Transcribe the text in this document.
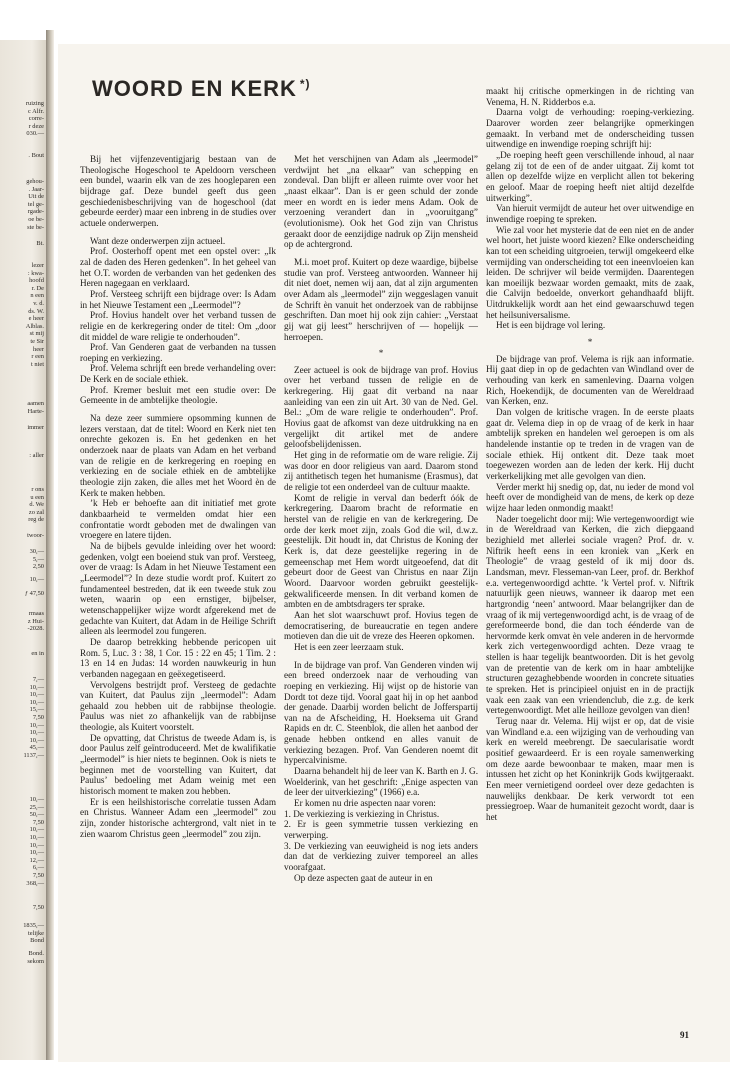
ruizing
c Alfr.
corre-
r deze
030.—
. Bout
gehou-
. Jaar-
Uit de
tel ge-
rgade-
oe be-
ste be-
Bt.
lezer
: kwa-
hoofd
r. De
n een
v. d.
ds. W.
e heer
Alblas.
st mij
te Sir
heer
r een
t niet
aamen
Harte-
immer
: aller
r ons
u een
d. We
zo zal
reg de
twoor-
30,—
5,—
2,50
10,—
ƒ 47,50
rmaas
z Hui-
-2028.
en in
7,—
10,—
10,—
10,—
15,—
7,50
10,—
10,—
10,—
45,—
1137,—
10,—
25,—
50,—
7,50
10,—
10,—
10,—
10,—
12,—
6,—
7,50
368,—
7,50
1835,—
telijke
Bond
Bond.
sekom
WOORD EN KERK *)

Bij het vijfenzeventigjarig bestaan van de Theologische Hogeschool te Apeldoorn verscheen een bundel, waarin elk van de zes hooglераren een bijdrage gaf. Deze bundel geeft dus geen geschiedenisbeschrijving van de hogeschool (dat gebeurde eerder) maar een inbreng in de studies over actuele onderwerpen.

Want deze onderwerpen zijn actueel.

Prof. Oosterhoff opent met een opstel over: „Ik zal de daden des Heren gedenken”. In het geheel van het O.T. worden de verbanden van het gedenken des Heren nagegaan en verklaard.

Prof. Versteeg schrijft een bijdrage over: Is Adam in het Nieuwe Testament een „Leermodel”?

Prof. Hovius handelt over het verband tussen de religie en de kerkregering onder de titel: Om „door dit middel de ware religie te onderhouden”.

Prof. Van Genderen gaat de verbanden na tussen roeping en verkiezing.

Prof. Velema schrijft een brede verhandeling over: De Kerk en de sociale ethiek.

Prof. Kremer besluit met een studie over: De Gemeente in de ambtelijke theologie.

Na deze zeer summiere opsomming kunnen de lezers verstaan, dat de titel: Woord en Kerk niet ten onrechte gekozen is. En het gedenken en het onderzoek naar de plaats van Adam en het verband van de religie en de kerkregering en roeping en verkiezing en de sociale ethiek en de ambtelijke theologie zijn zaken, die alles met het Woord èn de Kerk te maken hebben.

’k Heb er behoefte aan dit initiatief met grote dankbaarheid te vermelden omdat hier een confrontatie wordt geboden met de dwalingen van vroegere en latere tijden.

Na de bijbels gevulde inleiding over het woord: gedenken, volgt een boeiend stuk van prof. Versteeg, over de vraag: Is Adam in het Nieuwe Testament een „Leermodel”? In deze studie wordt prof. Kuitert zo fundamenteel bestreden, dat ik een tweede stuk zou weten, waarin op een ernstiger, bijbelser, wetenschappelijker wijze wordt afgerekend met de gedachte van Kuitert, dat Adam in de Heilige Schrift alleen als leermodel zou fungeren.

De daarop betrekking hebbende pericopen uit Rom. 5, Luc. 3 : 38, 1 Cor. 15 : 22 en 45; 1 Tim. 2 : 13 en 14 en Judas: 14 worden nauwkeurig in hun verbanden nagegaan en geëxegetiseerd.

Vervolgens bestrijdt prof. Versteeg de gedachte van Kuitert, dat Paulus zijn „leermodel”: Adam gehaald zou hebben uit de rabbijnse theologie. Paulus was niet zo afhankelijk van de rabbijnse theologie, als Kuitert voorstelt.

De opvatting, dat Christus de tweede Adam is, is door Paulus zelf geïntroduceerd. Met de kwalifikatie „leermodel” is hier niets te beginnen. Ook is niets te beginnen met de voorstelling van Kuitert, dat Paulus’ bedoeling met Adam weinig met een historisch moment te maken zou hebben.

Er is een heilshistorische correlatie tussen Adam en Christus. Wanneer Adam een „leermodel” zou zijn, zonder historische achtergrond, valt niet in te zien waarom Christus geen „leermodel” zou zijn.

Met het verschijnen van Adam als „leermodel” verdwijnt het „na elkaar” van schepping en zondeval. Dan blijft er alleen ruimte over voor het „naast elkaar”. Dan is er geen schuld der zonde meer en wordt en is ieder mens Adam. Ook de verzoening verandert dan in „vooruitgang” (evolutionisme). Ook het God zijn van Christus geraakt door de eenzijdige nadruk op Zijn mensheid op de achtergrond.

M.i. moet prof. Kuitert op deze waardige, bijbelse studie van prof. Versteeg antwoorden. Wanneer hij dit niet doet, nemen wij aan, dat al zijn argumenten over Adam als „leermodel” zijn weggeslagen vanuit de Schrift èn vanuit het onderzoek van de rabbijnse geschriften. Dan moet hij ook zijn cahier: „Verstaat gij wat gij leest” herschrijven of — hopelijk — herroepen.

*

Zeer actueel is ook de bijdrage van prof. Hovius over het verband tussen de religie en de kerkregering. Hij gaat dit verband na naar aanleiding van een zin uit Art. 30 van de Ned. Gel. Bel.: „Om de ware religie te onderhouden”. Prof. Hovius gaat de afkomst van deze uitdrukking na en vergelijkt dit artikel met de andere geloofsbelijdenissen.

Het ging in de reformatie om de ware religie. Zij was door en door religieus van aard. Daarom stond zij antithetisch tegen het humanisme (Erasmus), dat de religie tot een onderdeel van de cultuur maakte.

Komt de religie in verval dan bederft óók de kerkregering. Daarom bracht de reformatie en herstel van de religie en van de kerkregering. De orde der kerk moet zijn, zoals God die wil, d.w.z. geestelijk. Dit houdt in, dat Christus de Koning der Kerk is, dat deze geestelijke regering in de gemeenschap met Hem wordt uitgeoefend, dat dit gebeurt door de Geest van Christus en naar Zijn Woord. Daarvoor worden gebruikt geestelijk-gekwalificeerde mensen. In dit verband komen de ambten en de ambtsdragers ter sprake.

Aan het slot waarschuwt prof. Hovius tegen de democratisering, de bureaucratie en tegen andere motieven dan die uit de vreze des Heeren opkomen.

Het is een zeer leerzaam stuk.

In de bijdrage van prof. Van Genderen vinden wij een breed onderzoek naar de verhouding van roeping en verkiezing. Hij wijst op de historie van Dordt tot deze tijd. Vooral gaat hij in op het aanbod der genade. Daarbij worden belicht de Jofferspartij van na de Afscheiding, H. Hoeksema uit Grand Rapids en dr. C. Steenblok, die allen het aanbod der genade hebben ontkend en alles vanuit de verkiezing bezagen. Prof. Van Genderen noemt dit hypercalvinisme.

Daarna behandelt hij de leer van K. Barth en J. G. Woelderink, van het geschrift: „Enige aspecten van de leer der uitverkiezing” (1966) e.a.

Er komen nu drie aspecten naar voren:

1. De verkiezing is verkiezing in Christus.

2. Er is geen symmetrie tussen verkiezing en verwerping.

3. De verkiezing van eeuwigheid is nog iets anders dan dat de verkiezing zuiver temporeel an alles voorafgaat.

Op deze aspecten gaat de auteur in en

maakt hij critische opmerkingen in de richting van Venema, H. N. Ridderbos e.a.

Daarna volgt de verhouding: roeping-verkiezing. Daarover worden zeer belangrijke opmerkingen gemaakt. In verband met de onderscheiding tussen uitwendige en inwendige roeping schrijft hij:

„De roeping heeft geen verschillende inhoud, al naar gelang zij tot de een of de ander uitgaat. Zij komt tot allen op dezelfde wijze en verplicht allen tot bekering en geloof. Maar de roeping heeft niet altijd dezelfde uitwerking”.

Van hieruit vermijdt de auteur het over uitwendige en inwendige roeping te spreken.

Wie zal voor het mysterie dat de een niet en de ander wel hoort, het juiste woord kiezen? Elke onderscheiding kan tot een scheiding uitgroeien, terwijl omgekeerd elke vermijding van onderscheiding tot een ineenvloeien kan leiden. De schrijver wil beide vermijden. Daarentegen kan moeilijk bezwaar worden gemaakt, mits de zaak, die Calvijn bedoelde, onverkort gehandhaafd blijft. Uitdrukkelijk wordt aan het eind gewaarschuwd tegen het heilsuniversalisme.

Het is een bijdrage vol lering.

*

De bijdrage van prof. Velema is rijk aan informatie. Hij gaat diep in op de gedachten van Windland over de verhouding van kerk en samenleving. Daarna volgen Rich, Hoekendijk, de documenten van de Wereldraad van Kerken, enz.

Dan volgen de kritische vragen. In de eerste plaats gaat dr. Velema diep in op de vraag of de kerk in haar ambtelijk spreken en handelen wel geroepen is om als handelende instantie op te treden in de vragen van de sociale ethiek. Hij ontkent dit. Deze taak moet toegewezen worden aan de leden der kerk. Hij ducht verkerkelijking met alle gevolgen van dien.

Verder merkt hij snedig op, dat, nu ieder de mond vol heeft over de mondigheid van de mens, de kerk op deze wijze haar leden onmondig maakt!

Nader toegelicht door mij: Wie vertegenwoordigt wie in de Wereldraad van Kerken, die zich diepgaand bezighield met allerlei sociale vragen? Prof. dr. v. Niftrik heeft eens in een kroniek van „Kerk en Theologie” de vraag gesteld of ik mij door ds. Landsman, mevr. Flesseman-van Leer, prof. dr. Berkhof e.a. vertegenwoordigd achtte. ’k Vertel prof. v. Niftrik natuurlijk geen nieuws, wanneer ik daarop met een hartgrondig ‘neen’ antwoord. Maar belangrijker dan de vraag of ik mij vertegenwoordigd acht, is de vraag of de gereformeerde bond, die dan toch éénderde van de hervormde kerk omvat èn vele anderen in de hervormde kerk zich vertegenwoordigd achten. Deze vraag te stellen is haar tegelijk beantwoorden. Dit is het gevolg van de pretentie van de kerk om in haar ambtelijke structuren gezaghebbende woorden in concrete situaties te spreken. Het is principieel onjuist en in de practijk vaak een zaak van een vriendenclub, die z.g. de kerk vertegenwoordigt. Met alle heilloze gevolgen van dien!

Terug naar dr. Velema. Hij wijst er op, dat de visie van Windland e.a. een wijziging van de verhouding van kerk en wereld meebrengt. De saecularisatie wordt positief gewaardeerd. Er is een royale samenwerking om deze aarde bewoonbaar te maken, maar men is intussen het zicht op het Koninkrijk Gods kwijtgeraakt. Een meer vernietigend oordeel over deze gedachten is nauwelijks denkbaar. De kerk verwordt tot een pressiegroep. Waar de humaniteit gezocht wordt, daar is het

91
